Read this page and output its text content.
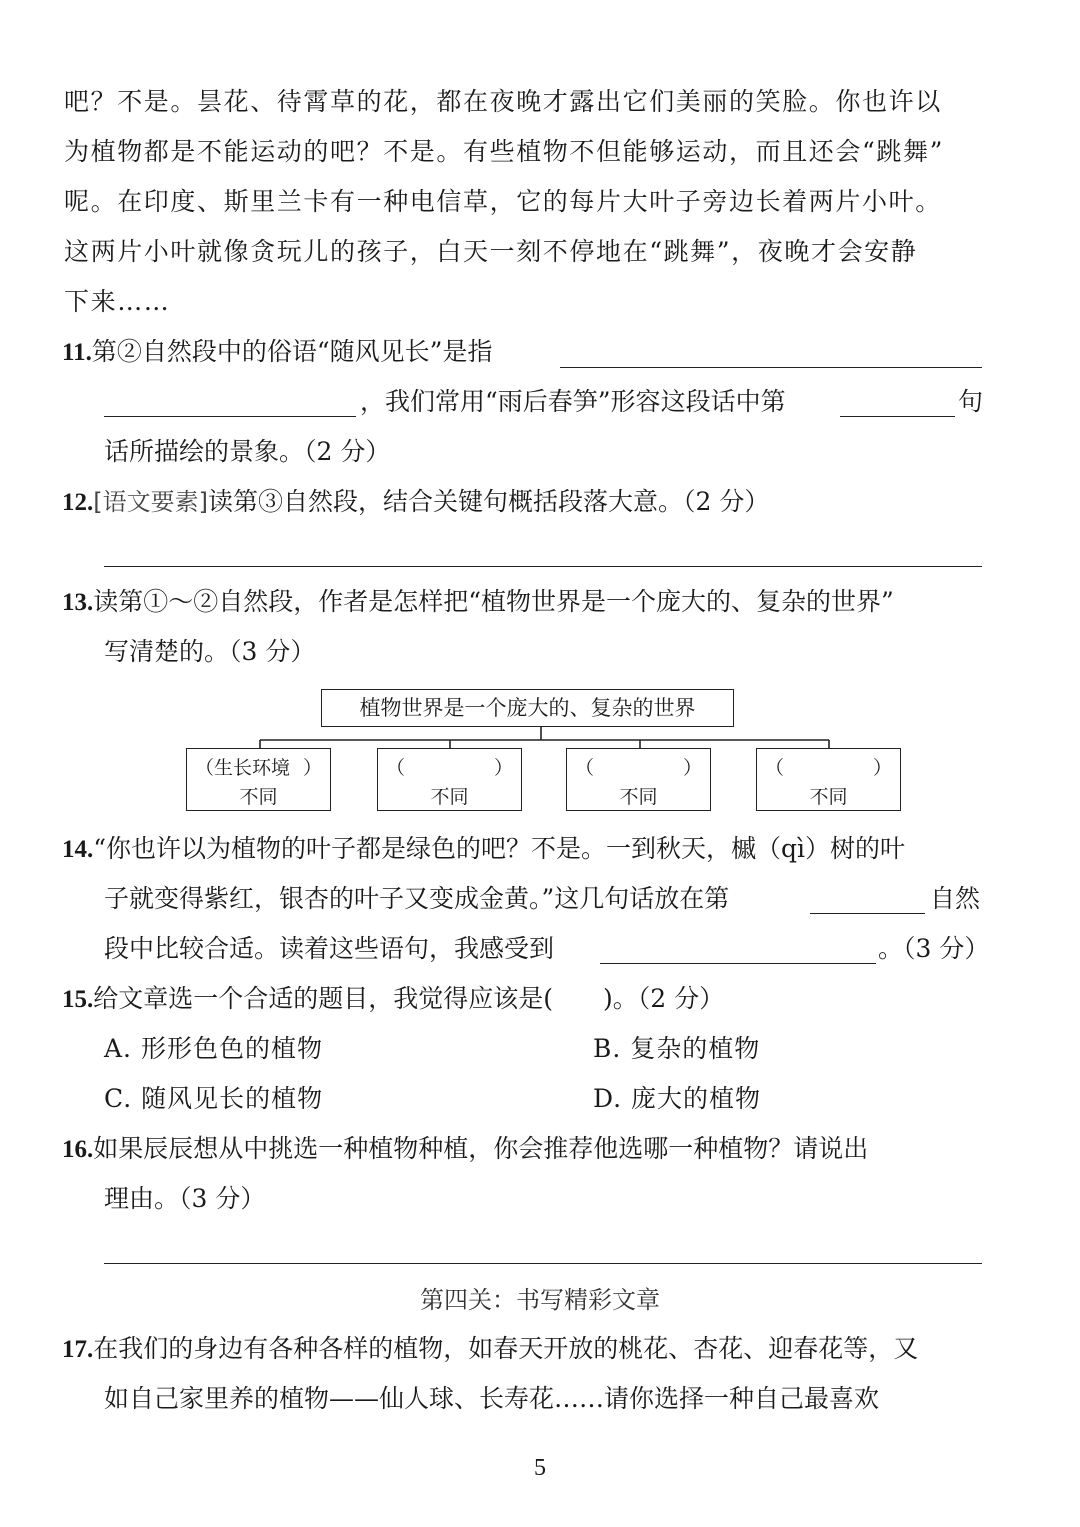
吧？不是。昙花、待霄草的花，都在夜晚才露出它们美丽的笑脸。你也许以
为植物都是不能运动的吧？不是。有些植物不但能够运动，而且还会“跳舞”
呢。在印度、斯里兰卡有一种电信草，它的每片大叶子旁边长着两片小叶。
这两片小叶就像贪玩儿的孩子，白天一刻不停地在“跳舞”，夜晚才会安静
下来……
11.第②自然段中的俗语“随风见长”是指
，我们常用“雨后春笋”形容这段话中第	句
话所描绘的景象。（2 分）
12.[语文要素]读第③自然段，结合关键句概括段落大意。（2 分）
13.读第①～②自然段，作者是怎样把“植物世界是一个庞大的、复杂的世界”
写清楚的。（3 分）
植物世界是一个庞大的、复杂的世界
（生长环境 ）
不同
（	）
不同
（	）
不同
（	）
不同
14.“你也许以为植物的叶子都是绿色的吧？不是。一到秋天，槭（qì）树的叶
子就变得紫红，银杏的叶子又变成金黄。”这几句话放在第	自然
段中比较合适。读着这些语句，我感受到	。（3 分）
15.给文章选一个合适的题目，我觉得应该是(　　)。（2 分）
A. 形形色色的植物	B. 复杂的植物
C. 随风见长的植物	D. 庞大的植物
16.如果辰辰想从中挑选一种植物种植，你会推荐他选哪一种植物？请说出
理由。（3 分）
第四关：书写精彩文章
17.在我们的身边有各种各样的植物，如春天开放的桃花、杏花、迎春花等，又
如自己家里养的植物——仙人球、长寿花……请你选择一种自己最喜欢
5
